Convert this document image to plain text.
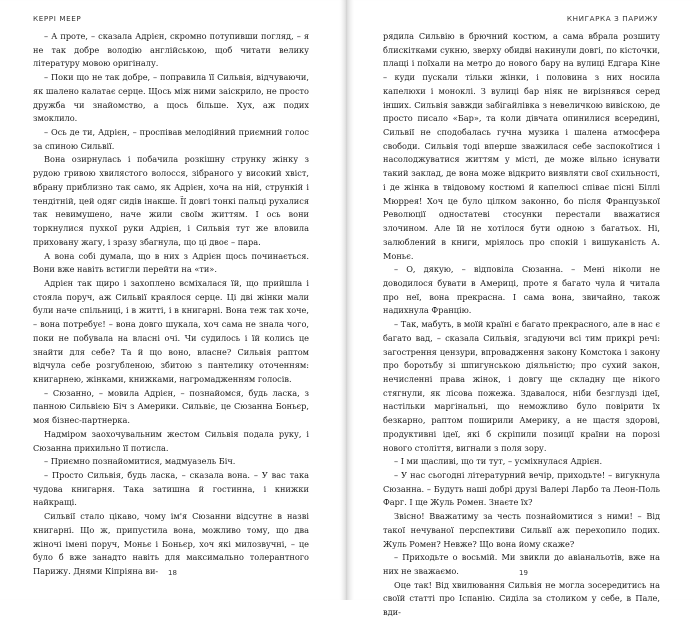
КЕРРІ МЕЕР

– А проте, – сказала Адрієн, скромно потупивши погляд, – я не так добре володію англійською, щоб читати велику літературу мовою оригіналу.

– Поки що не так добре, – поправила її Сильвія, відчуваючи, як шалено калатає серце. Щось між ними заіскрило, не просто дружба чи знайомство, а щось більше. Хух, аж подих змоклило.

– Ось де ти, Адрієн, – проспівав мелодійний приємний голос за спиною Сильвії.

Вона озирнулась і побачила розкішну струнку жінку з рудою гривою хвилястого волосся, зібраного у високий хвіст, вбрану приблизно так само, як Адрієн, хоча на ній, стрункій і тендітній, цей одяг сидів інакше. Її довгі тонкі пальці рухалися так невимушено, наче жили своїм життям. І ось вони торкнулися пухкої руки Адрієн, і Сильвія тут же вловила приховану жагу, і зразу збагнула, що ці двоє – пара.

А вона собі думала, що в них з Адрієн щось починається. Вони вже навіть встигли перейти на «ти».

Адрієн так щиро і захоплено всміхалася їй, що прийшла і стояла поруч, аж Сильвії краялося серце. Ці дві жінки мали були наче спільниці, і в житті, і в книгарні. Вона теж так хоче, – вона потребує! – вона довго шукала, хоч сама не знала чого, поки не побувала на власні очі. Чи судилось і їй колись це знайти для себе? Та й що воно, власне? Сильвія раптом відчула себе розгубленою, збитою з пантелику оточенням: книгарнею, жінками, книжками, нагромадженням голосів.

– Сюзанно, – мовила Адрієн, – познайомся, будь ласка, з панною Сильвією Біч з Америки. Сильвіє, це Сюзанна Боньєр, моя бізнес-партнерка.

Надміром заохочувальним жестом Сильвія подала руку, і Сюзанна прихильно її потисла.

– Приємно познайомитися, мадмуазель Біч.

– Просто Сильвія, будь ласка, – сказала вона. – У вас така чудова книгарня. Така затишна й гостинна, і книжки найкращі.

Сильвії стало цікаво, чому ім'я Сюзанни відсутнє в назві книгарні. Що ж, припустила вона, можливо тому, що два жіночі імені поруч, Моньє і Боньєр, хоч які милозвучні, – це було б вже занадто навіть для максимально толерантного Парижу. Днями Кіпріяна ви-	18
КНИГАРКА З ПАРИЖУ

рядила Сильвію в брючний костюм, а сама вбрала розшиту блискітками сукню, зверху обидві накинули довгі, по кісточки, плащі і поїхали на метро до нового бару на вулиці Едгара Кіне – куди пускали тільки жінки, і половина з них носила капелюхи і монoклі. З вулиці бар ніяк не вирізнявся серед інших. Сильвія завжди забігайлівка з невеличкою вивіскою, де просто писало «Бар», та коли дівчата опинилися всередині, Сильвії не сподобалась гучна музика і шалена атмосфера свободи. Сильвія тоді вперше зважилася себе заспокоїтися і насолоджуватися життям у місті, де може вільно існувати такий заклад, де вона може відкрито виявляти свої схильності, і де жінка в твідовому костюмі й капелюсі співає пісні Біллі Мюррея! Хоч це було цілком законно, бо після Французької Революції одностатеві стосунки перестали вважатися злочином. Але їй не хотілося бути одною з багатьох. Ні, залюблений в книги, мріялось про спокій і вишуканість А. Моньє.

– О, дякую, – відповіла Сюзанна. – Мені ніколи не доводилося бувати в Америці, проте я багато чула й читала про неї, вона прекрасна. І сама вона, звичайно, також надихнула Францію.

– Так, мабуть, в моїй країні є багато прекрасного, але в нас є багато вад, – сказала Сильвія, згадуючи всі тим прикрі речі: загострення цензури, впровадження закону Комстока і закону про боротьбу зі шпигунською діяльністю; про сухий закон, нечисленні права жінок, і довгу ще складну ще нікого стягнули, як лісова пожежа. Здавалося, ніби безглузді ідеї, настільки маргінальні, що неможливо було повірити їх безкарно, раптом поширили Америку, а не щастя здорові, продуктивні ідеї, які б скріпили позиції країни на порозі нового століття, вигнали з поля зору.

– І ми щасливі, що ти тут, – усміхнулася Адрієн.

– У нас сьогодні літературний вечір, приходьте! – вигукнула Сюзанна. – Будуть наші добрі друзі Валері Ларбо та Леон-Поль Фарг. І ще Жуль Ромен. Знаєте їх?

Звісно! Вважатиму за честь познайомитися з ними! – Від такої нечуваної перспективи Сильвії аж перехопило подих. Жуль Ромен? Невже? Що вона йому скаже?

– Приходьте о восьмій. Ми звикли до авіанальотів, вже на них не зважаємо.

Оце так! Від хвилювання Сильвія не могла зосередитись на своїй статті про Іспанію. Сиділа за столиком у себе, в Пале, вди-

19
